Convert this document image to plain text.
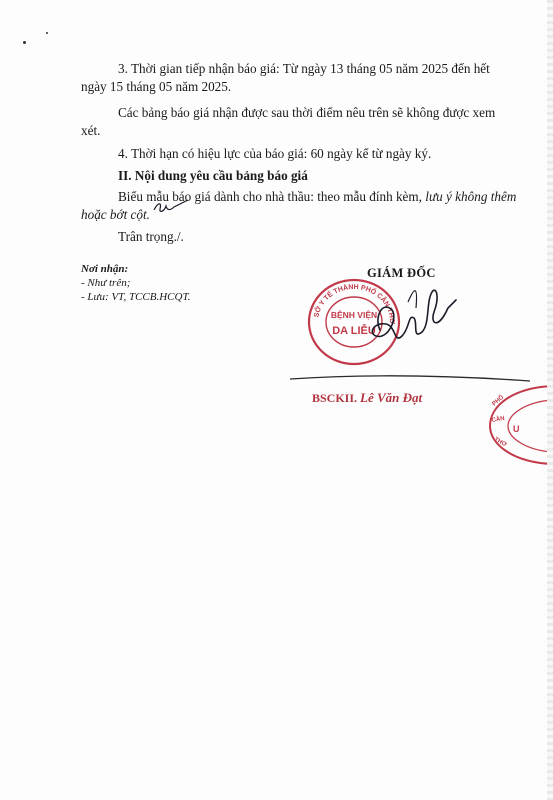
3. Thời gian tiếp nhận báo giá: Từ ngày 13 tháng 05 năm 2025 đến hết
ngày 15 tháng 05 năm 2025.
Các bảng báo giá nhận được sau thời điểm nêu trên sẽ không được xem
xét.
4. Thời hạn có hiệu lực của báo giá: 60 ngày kể từ ngày ký.
II. Nội dung yêu cầu bảng báo giá
Biểu mẫu báo giá dành cho nhà thầu: theo mẫu đính kèm, lưu ý không thêm
hoặc bớt cột.
Trân trọng./.
Nơi nhận:
- Như trên;
- Lưu: VT, TCCB.HCQT.
GIÁM ĐỐC
SỞ Y TẾ THÀNH PHỐ CẦN THƠ
BỆNH VIỆN
DA LIỄU
BSCKII. Lê Văn Đạt	PHỐ
CẦN
THƠ
U
